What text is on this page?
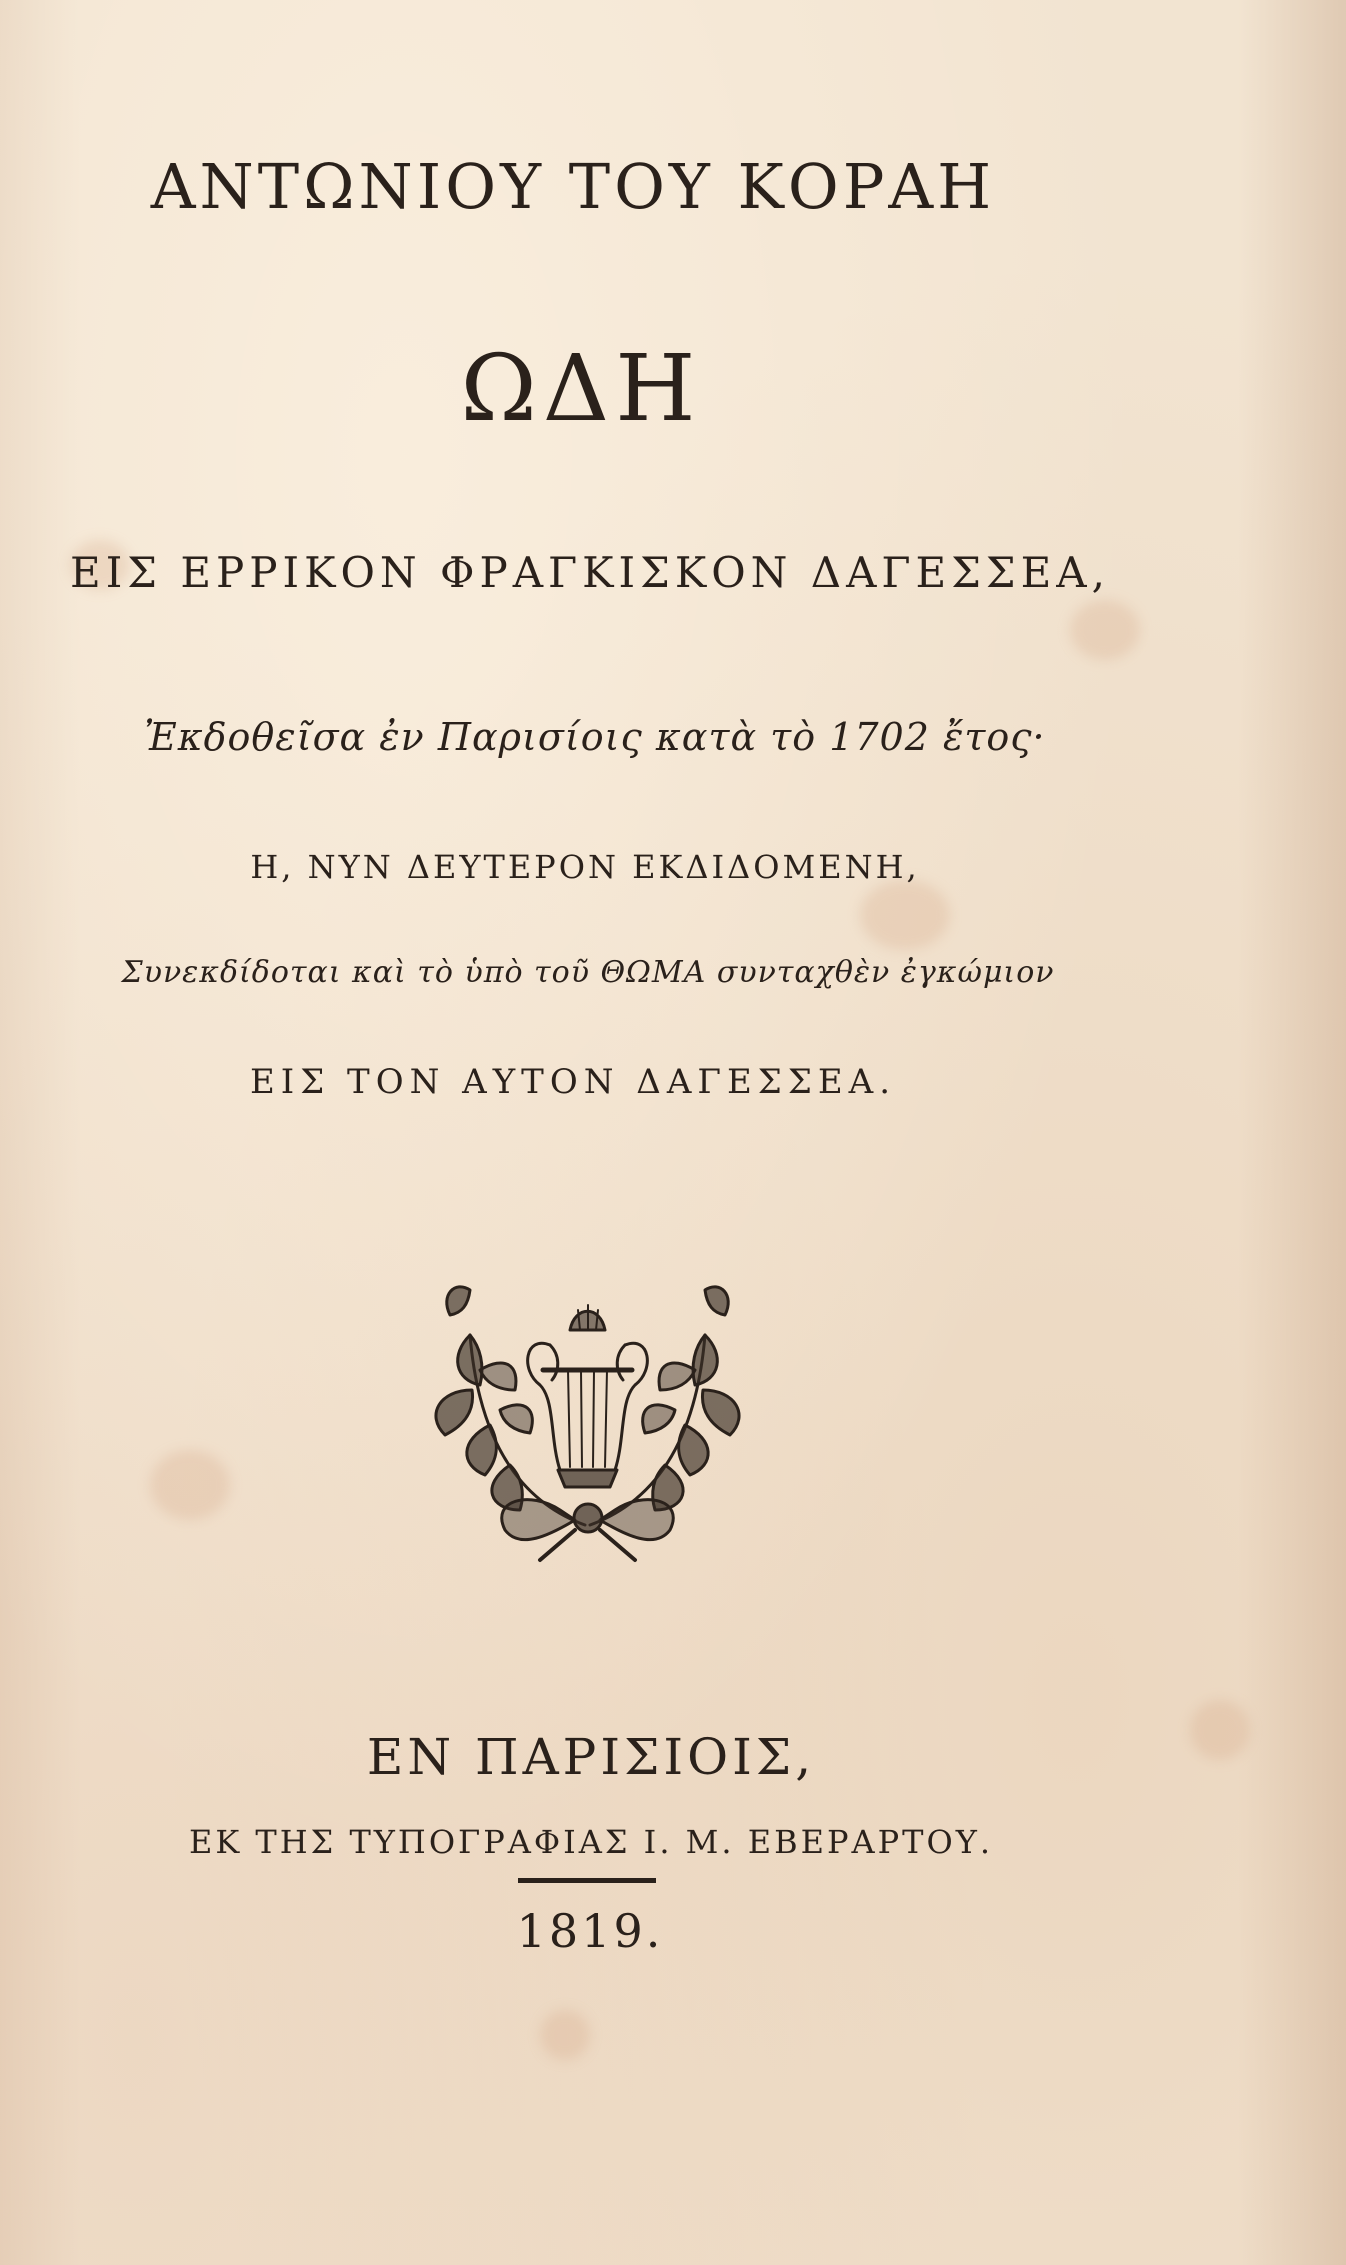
ΑΝΤΩΝΙΟΥ ΤΟΥ ΚΟΡΑΗ
ΩΔΗ
ΕΙΣ ΕΡΡΙΚΟΝ ΦΡΑΓΚΙΣΚΟΝ ΔΑΓΕΣΣΕΑ,
Ἐκδοθεῖσα ἐν Παρισίοις κατὰ τὸ 1702 ἔτος·
Η, ΝΥΝ ΔΕΥΤΕΡΟΝ ΕΚΔΙΔΟΜΕΝΗ,
Συνεκδίδοται καὶ τὸ ὑπὸ τοῦ ΘΩΜΑ συνταχθὲν ἐγκώμιον
ΕΙΣ ΤΟΝ ΑΥΤΟΝ ΔΑΓΕΣΣΕΑ.
ΕΝ ΠΑΡΙΣΙΟΙΣ,
ΕΚ ΤΗΣ ΤΥΠΟΓΡΑΦΙΑΣ Ι. Μ. ΕΒΕΡΑΡΤΟΥ.
1819.
